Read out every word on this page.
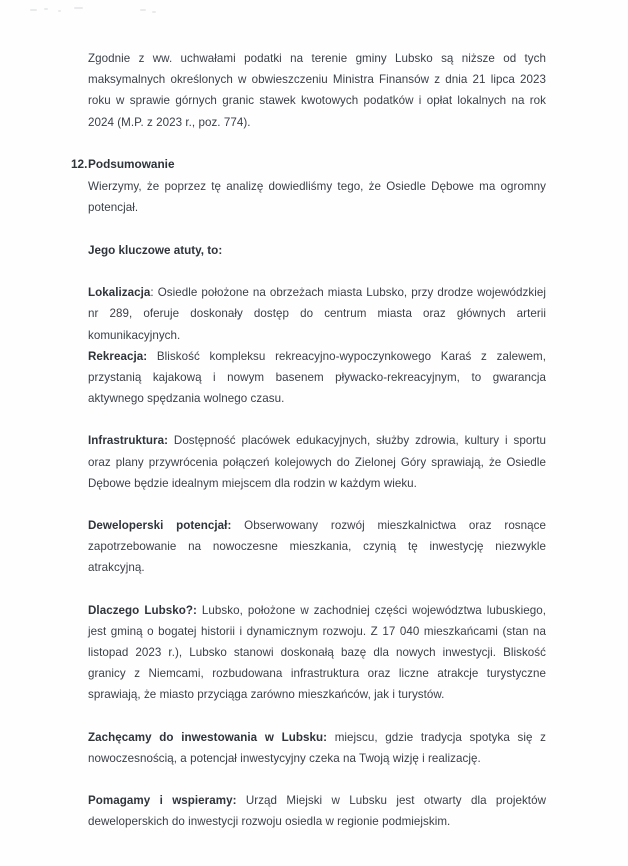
Zgodnie z ww. uchwałami podatki na terenie gminy Lubsko są niższe od tych maksymalnych określonych w obwieszczeniu Ministra Finansów z dnia 21 lipca 2023 roku w sprawie górnych granic stawek kwotowych podatków i opłat lokalnych na rok 2024 (M.P. z 2023 r., poz. 774).

12. Podsumowanie

Wierzymy, że poprzez tę analizę dowiedliśmy tego, że Osiedle Dębowe ma ogromny potencjał.

Jego kluczowe atuty, to:

Lokalizacja: Osiedle położone na obrzeżach miasta Lubsko, przy drodze wojewódzkiej nr 289, oferuje doskonały dostęp do centrum miasta oraz głównych arterii komunikacyjnych.

Rekreacja: Bliskość kompleksu rekreacyjno-wypoczynkowego Karaś z zalewem, przystanią kajakową i nowym basenem pływacko-rekreacyjnym, to gwarancja aktywnego spędzania wolnego czasu.

Infrastruktura: Dostępność placówek edukacyjnych, służby zdrowia, kultury i sportu oraz plany przywrócenia połączeń kolejowych do Zielonej Góry sprawiają, że Osiedle Dębowe będzie idealnym miejscem dla rodzin w każdym wieku.

Deweloperski potencjał: Obserwowany rozwój mieszkalnictwa oraz rosnące zapotrzebowanie na nowoczesne mieszkania, czynią tę inwestycję niezwykle atrakcyjną.

Dlaczego Lubsko?: Lubsko, położone w zachodniej części województwa lubuskiego, jest gminą o bogatej historii i dynamicznym rozwoju. Z 17 040 mieszkańcami (stan na listopad 2023 r.), Lubsko stanowi doskonałą bazę dla nowych inwestycji. Bliskość granicy z Niemcami, rozbudowana infrastruktura oraz liczne atrakcje turystyczne sprawiają, że miasto przyciąga zarówno mieszkańców, jak i turystów.

Zachęcamy do inwestowania w Lubsku: miejscu, gdzie tradycja spotyka się z nowoczesnością, a potencjał inwestycyjny czeka na Twoją wizję i realizację.

Pomagamy i wspieramy: Urząd Miejski w Lubsku jest otwarty dla projektów deweloperskich do inwestycji rozwoju osiedla w regionie podmiejskim.
